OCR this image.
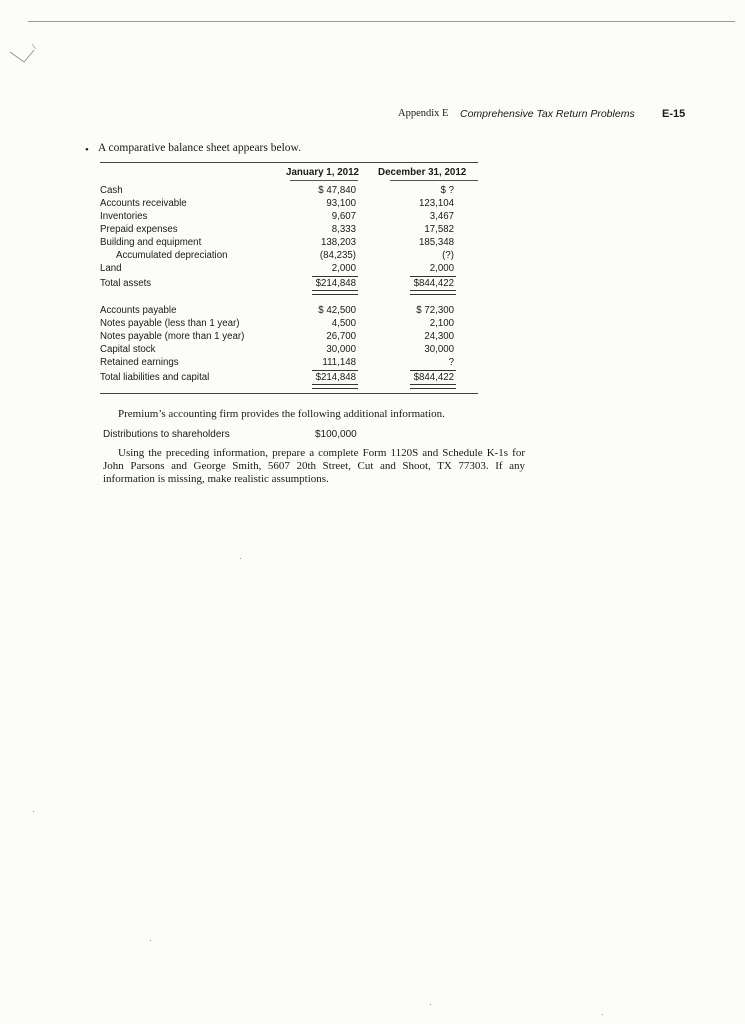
Appendix E Comprehensive Tax Return Problems E-15
• A comparative balance sheet appears below.
January 1, 2012 December 31, 2012
Cash	$ 47,840	$ ?
Accounts receivable	93,100	123,104
Inventories	9,607	3,467
Prepaid expenses	8,333	17,582
Building and equipment	138,203	185,348
Accumulated depreciation	(84,235)	(?)
Land	2,000	2,000
Total assets	$214,848	$844,422
Accounts payable	$ 42,500	$ 72,300
Notes payable (less than 1 year)	4,500	2,100
Notes payable (more than 1 year)	26,700	24,300
Capital stock	30,000	30,000
Retained earnings	111,148	?
Total liabilities and capital	$214,848	$844,422
Premium’s accounting firm provides the following additional information.
Distributions to shareholders	$100,000
Using the preceding information, prepare a complete Form 1120S and Schedule K-1s for John Parsons and George Smith, 5607 20th Street, Cut and Shoot, TX 77303. If any information is missing, make realistic assumptions.
